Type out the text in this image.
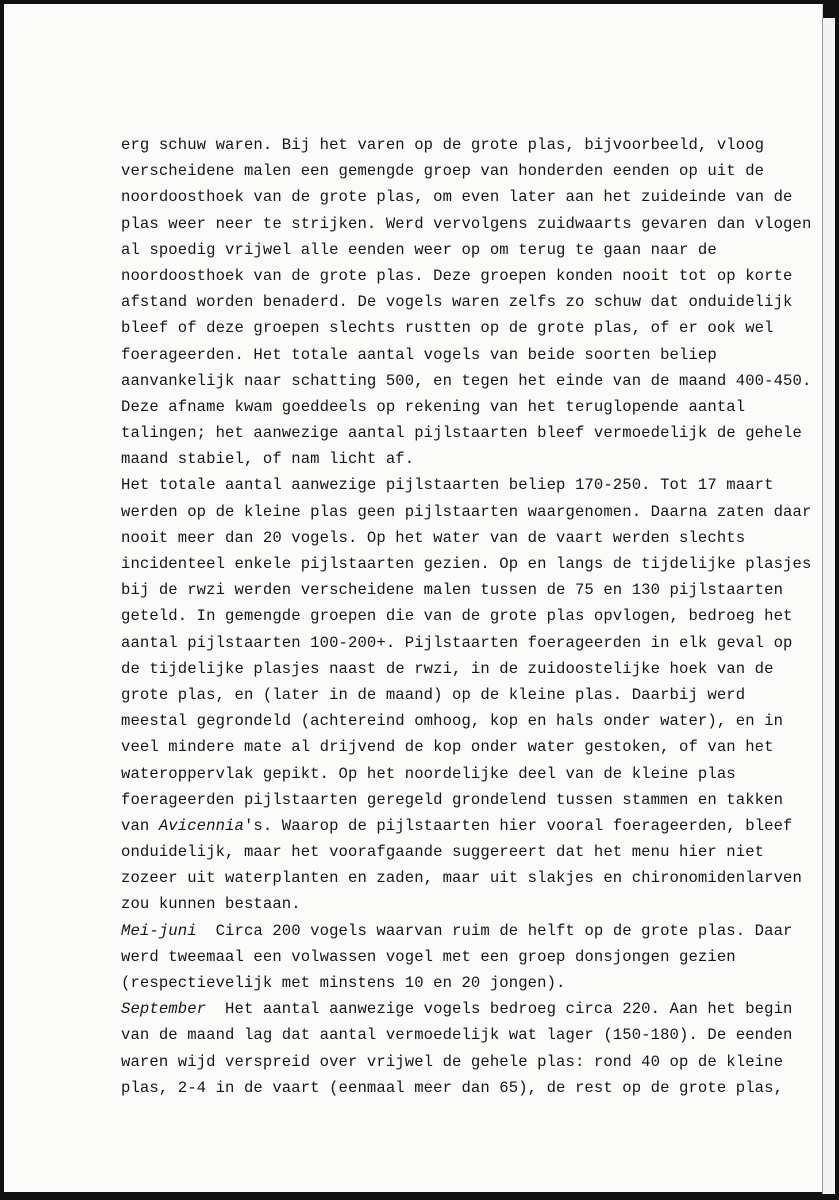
erg schuw waren. Bij het varen op de grote plas, bijvoorbeeld, vloog
verscheidene malen een gemengde groep van honderden eenden op uit de
noordoosthoek van de grote plas, om even later aan het zuideinde van de
plas weer neer te strijken. Werd vervolgens zuidwaarts gevaren dan vlogen
al spoedig vrijwel alle eenden weer op om terug te gaan naar de
noordoosthoek van de grote plas. Deze groepen konden nooit tot op korte
afstand worden benaderd. De vogels waren zelfs zo schuw dat onduidelijk
bleef of deze groepen slechts rustten op de grote plas, of er ook wel
foerageerden. Het totale aantal vogels van beide soorten beliep
aanvankelijk naar schatting 500, en tegen het einde van de maand 400-450.
Deze afname kwam goeddeels op rekening van het teruglopende aantal
talingen; het aanwezige aantal pijlstaarten bleef vermoedelijk de gehele
maand stabiel, of nam licht af.
Het totale aantal aanwezige pijlstaarten beliep 170-250. Tot 17 maart
werden op de kleine plas geen pijlstaarten waargenomen. Daarna zaten daar
nooit meer dan 20 vogels. Op het water van de vaart werden slechts
incidenteel enkele pijlstaarten gezien. Op en langs de tijdelijke plasjes
bij de rwzi werden verscheidene malen tussen de 75 en 130 pijlstaarten
geteld. In gemengde groepen die van de grote plas opvlogen, bedroeg het
aantal pijlstaarten 100-200+. Pijlstaarten foerageerden in elk geval op
de tijdelijke plasjes naast de rwzi, in de zuidoostelijke hoek van de
grote plas, en (later in de maand) op de kleine plas. Daarbij werd
meestal gegrondeld (achtereind omhoog, kop en hals onder water), en in
veel mindere mate al drijvend de kop onder water gestoken, of van het
wateroppervlak gepikt. Op het noordelijke deel van de kleine plas
foerageerden pijlstaarten geregeld grondelend tussen stammen en takken
van Avicennia's. Waarop de pijlstaarten hier vooral foerageerden, bleef
onduidelijk, maar het voorafgaande suggereert dat het menu hier niet
zozeer uit waterplanten en zaden, maar uit slakjes en chironomidenlarven
zou kunnen bestaan.
Mei-juni  Circa 200 vogels waarvan ruim de helft op de grote plas. Daar
werd tweemaal een volwassen vogel met een groep donsjongen gezien
(respectievelijk met minstens 10 en 20 jongen).
September  Het aantal aanwezige vogels bedroeg circa 220. Aan het begin
van de maand lag dat aantal vermoedelijk wat lager (150-180). De eenden
waren wijd verspreid over vrijwel de gehele plas: rond 40 op de kleine
plas, 2-4 in de vaart (eenmaal meer dan 65), de rest op de grote plas,
